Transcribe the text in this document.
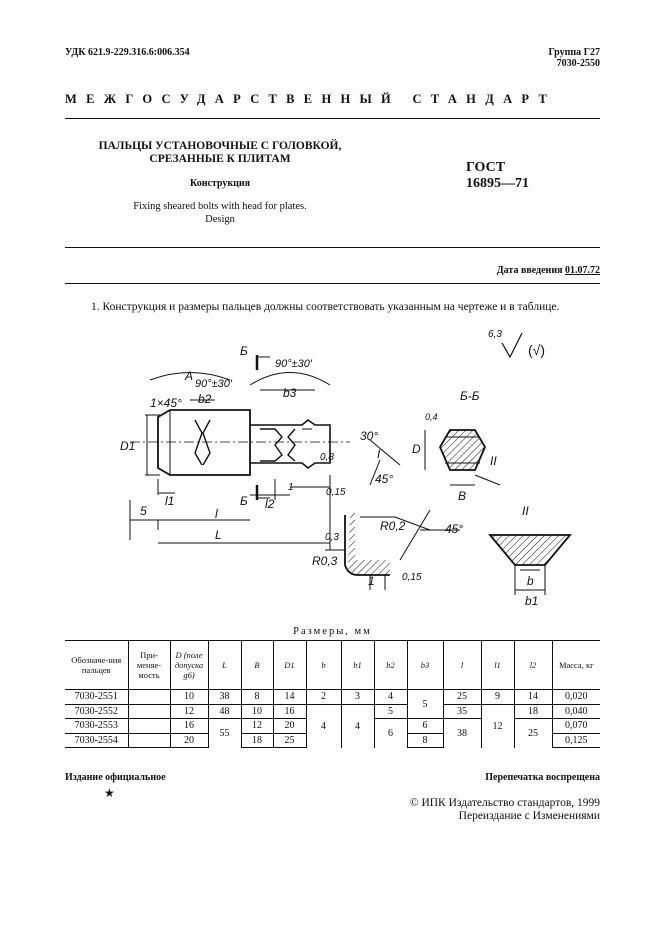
УДК 621.9-229.316.6:006.354	Группа Г27
7030-2550
МЕЖГОСУДАРСТВЕННЫЙ СТАНДАРТ
ПАЛЬЦЫ УСТАНОВОЧНЫЕ С ГОЛОВКОЙ,
СРЕЗАННЫЕ К ПЛИТАМ
Конструкция
Fixing sheared bolts with head for plates.
Design
ГОСТ
16895—71
Дата введения 01.07.72
1. Конструкция и размеры пальцев должны соответствовать указанным на чертеже и в таблице.
1×45°
A
90°±30′
Б
90°±30′
b2	b3
D1
l1	Б l2
5	l
L
0,8
1
30°
I
45°
0,15
Б-Б
0,4
D
B
II
6,3
(√)
R0,2	45°
0,3
R0,3
1	0,15
II
b
b1
Размеры, мм
Обозначе-ния пальцев	При-меняе-мость	D (поле допуска g6)	L	B	D1	b	b1	b2	b3	l	l1	l2	Масса, кг
7030-2551		10	38	8	14	2	3	4	5	25	9	14	0,020
7030-2552		12	48	10	16	4	4	5		35	12	18	0,040
7030-2553		16	55	12	20			6	6	38		25	0,070
7030-2554		20		18	25				8				0,125
Издание официальное
★
Перепечатка воспрещена
© ИПК Издательство стандартов, 1999
Переиздание с Изменениями
